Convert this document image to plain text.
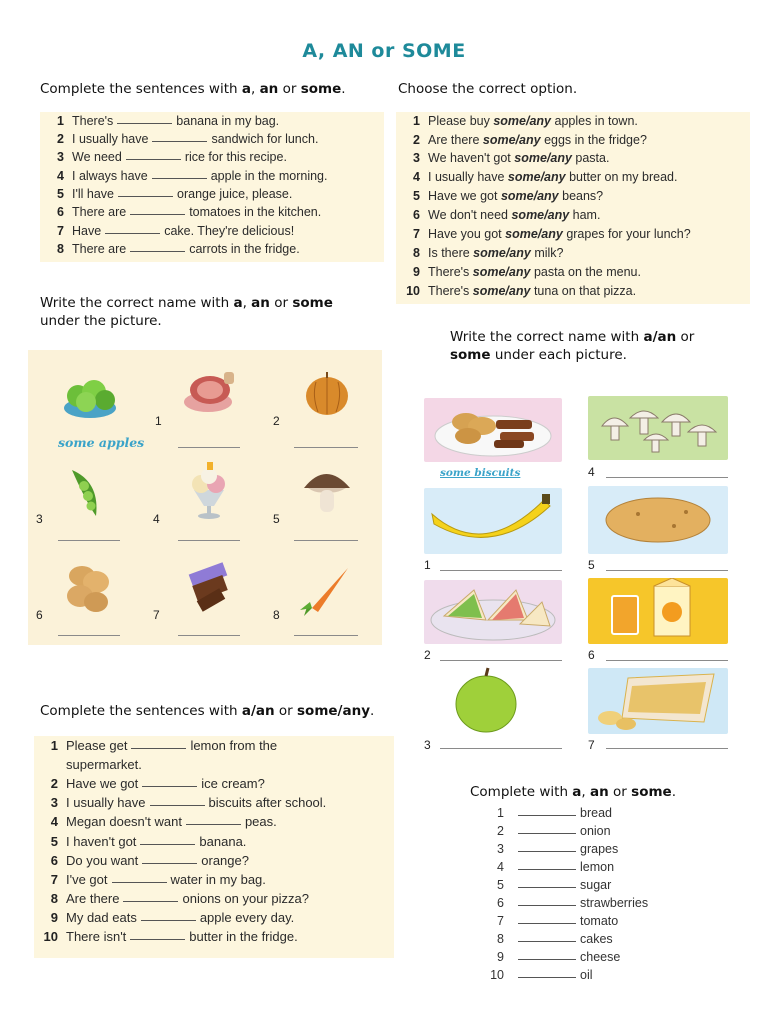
A, AN or SOME
Complete the sentences with a, an or some.
1 There's	banana in my bag.
2 I usually have	sandwich for lunch.
3 We need	rice for this recipe.
4 I always have	apple in the morning.
5 I'll have	orange juice, please.
6 There are	tomatoes in the kitchen.
7 Have	cake. They're delicious!
8 There are	carrots in the fridge.
Choose the correct option.
1 Please buy some/any apples in town.
2 Are there some/any eggs in the fridge?
3 We haven't got some/any pasta.
4 I usually have some/any butter on my bread.
5 Have we got some/any beans?
6 We don't need some/any ham.
7 Have you got some/any grapes for your lunch?
8 Is there some/any milk?
9 There's some/any pasta on the menu.
10 There's some/any tuna on that pizza.
Write the correct name with a, an or some
under the picture.
1	2
some apples
3	4	5
6	7	8
Write the correct name with a/an or
some under each picture.
some biscuits	4
1	5
2	6
3	7
Complete the sentences with a/an or some/any.
1 Please get	lemon from the
supermarket.
2 Have we got	ice cream?
3 I usually have	biscuits after school.
4 Megan doesn't want	peas.
5 I haven't got	banana.
6 Do you want	orange?
7 I've got	water in my bag.
8 Are there	onions on your pizza?
9 My dad eats	apple every day.
10 There isn't	butter in the fridge.
Complete with a, an or some.
1	bread
2	onion
3	grapes
4	lemon
5	sugar
6	strawberries
7	tomato
8	cakes
9	cheese
10	oil
